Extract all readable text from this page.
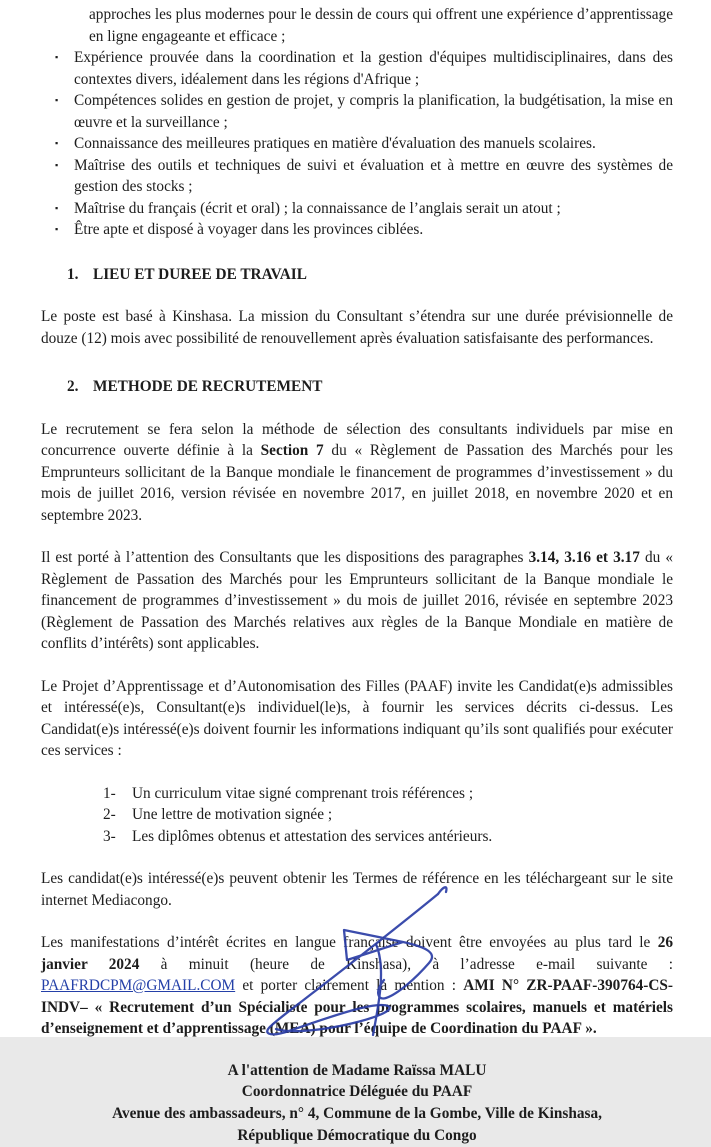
approches les plus modernes pour le dessin de cours qui offrent une expérience d’apprentissage en ligne engageante et efficace ;

▪	Expérience prouvée dans la coordination et la gestion d'équipes multidisciplinaires, dans des contextes divers, idéalement dans les régions d'Afrique ;
▪	Compétences solides en gestion de projet, y compris la planification, la budgétisation, la mise en œuvre et la surveillance ;
▪	Connaissance des meilleures pratiques en matière d'évaluation des manuels scolaires.
▪	Maîtrise des outils et techniques de suivi et évaluation et à mettre en œuvre des systèmes de gestion des stocks ;
▪	Maîtrise du français (écrit et oral) ; la connaissance de l’anglais serait un atout ;
▪	Être apte et disposé à voyager dans les provinces ciblées.
1. LIEU ET DUREE DE TRAVAIL

Le poste est basé à Kinshasa. La mission du Consultant s’étendra sur une durée prévisionnelle de douze (12) mois avec possibilité de renouvellement après évaluation satisfaisante des performances.

2. METHODE DE RECRUTEMENT

Le recrutement se fera selon la méthode de sélection des consultants individuels par mise en concurrence ouverte définie à la Section 7 du « Règlement de Passation des Marchés pour les Emprunteurs sollicitant de la Banque mondiale le financement de programmes d’investissement » du mois de juillet 2016, version révisée en novembre 2017, en juillet 2018, en novembre 2020 et en septembre 2023.

Il est porté à l’attention des Consultants que les dispositions des paragraphes 3.14, 3.16 et 3.17 du « Règlement de Passation des Marchés pour les Emprunteurs sollicitant de la Banque mondiale le financement de programmes d’investissement » du mois de juillet 2016, révisée en septembre 2023 (Règlement de Passation des Marchés relatives aux règles de la Banque Mondiale en matière de conflits d’intérêts) sont applicables.

Le Projet d’Apprentissage et d’Autonomisation des Filles (PAAF) invite les Candidat(e)s admissibles et intéressé(e)s, Consultant(e)s individuel(le)s, à fournir les services décrits ci-dessus. Les Candidat(e)s intéressé(e)s doivent fournir les informations indiquant qu’ils sont qualifiés pour exécuter ces services :

1-	Un curriculum vitae signé comprenant trois références ;
2-	Une lettre de motivation signée ;
3-	Les diplômes obtenus et attestation des services antérieurs.

Les candidat(e)s intéressé(e)s peuvent obtenir les Termes de référence en les téléchargeant sur le site internet Mediacongo.

Les manifestations d’intérêt écrites en langue française doivent être envoyées au plus tard le 26 janvier 2024 à minuit (heure de Kinshasa), à l’adresse e-mail suivante : PAAFRDCPM@GMAIL.COM et porter clairement la mention : AMI N° ZR-PAAF-390764-CS-INDV– « Recrutement d’un Spécialiste pour les programmes scolaires, manuels et matériels d’enseignement et d’apprentissage (MEA) pour l’équipe de Coordination du PAAF ».

A l'attention de Madame Raïssa MALU
Coordonnatrice Déléguée du PAAF
Avenue des ambassadeurs, n° 4, Commune de la Gombe, Ville de Kinshasa,
République Démocratique du Congo
